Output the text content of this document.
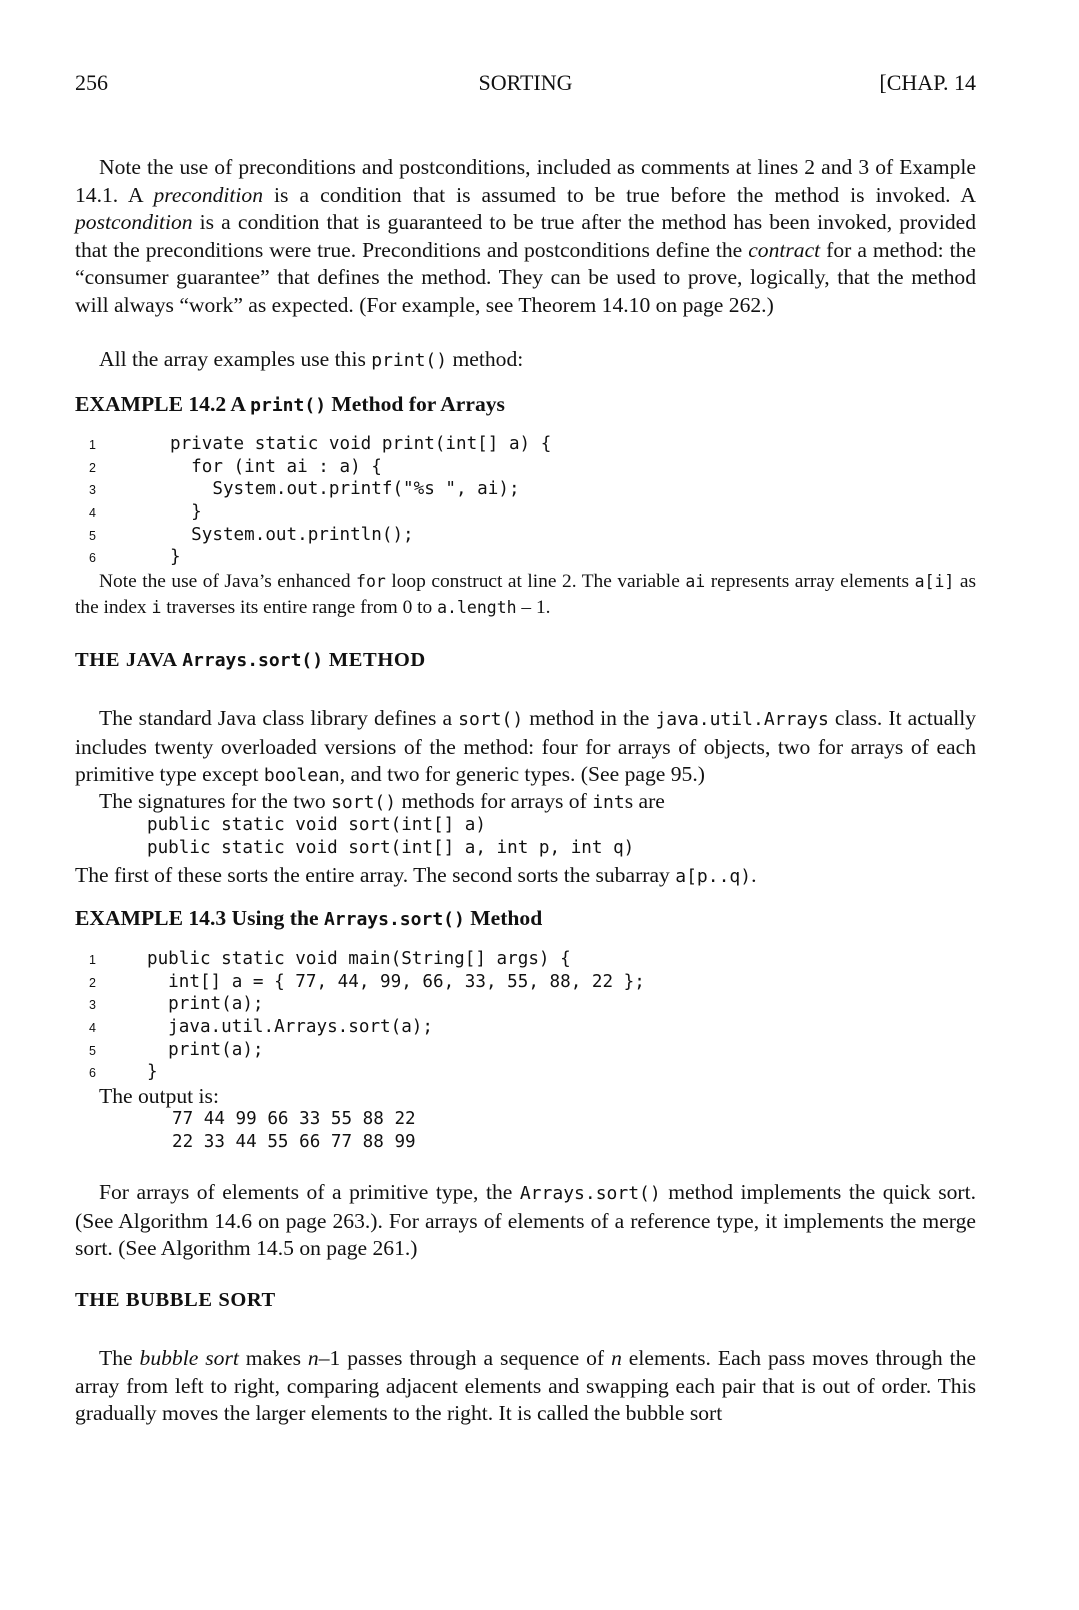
256	SORTING	[CHAP. 14
Note the use of preconditions and postconditions, included as comments at lines 2 and 3 of Example 14.1. A precondition is a condition that is assumed to be true before the method is invoked. A postcondition is a condition that is guaranteed to be true after the method has been invoked, provided that the preconditions were true. Preconditions and postconditions define the contract for a method: the “consumer guarantee” that defines the method. They can be used to prove, logically, that the method will always “work” as expected. (For example, see Theorem 14.10 on page 262.)
All the array examples use this print() method:
EXAMPLE 14.2 A print() Method for Arrays
1	private static void print(int[] a) {
2	for (int ai : a) {
3	System.out.printf("%s ", ai);
4	}
5	System.out.println();
6	}
Note the use of Java’s enhanced for loop construct at line 2. The variable ai represents array elements a[i] as the index i traverses its entire range from 0 to a.length – 1.
THE JAVA Arrays.sort() METHOD
The standard Java class library defines a sort() method in the java.util.Arrays class. It actually includes twenty overloaded versions of the method: four for arrays of objects, two for arrays of each primitive type except boolean, and two for generic types. (See page 95.)
The signatures for the two sort() methods for arrays of ints are
public static void sort(int[] a)
public static void sort(int[] a, int p, int q)
The first of these sorts the entire array. The second sorts the subarray a[p..q).
EXAMPLE 14.3 Using the Arrays.sort() Method
1	public static void main(String[] args) {
2	int[] a = { 77, 44, 99, 66, 33, 55, 88, 22 };
3	print(a);
4	java.util.Arrays.sort(a);
5	print(a);
6	}
The output is:
77 44 99 66 33 55 88 22
22 33 44 55 66 77 88 99
For arrays of elements of a primitive type, the Arrays.sort() method implements the quick sort. (See Algorithm 14.6 on page 263.). For arrays of elements of a reference type, it implements the merge sort. (See Algorithm 14.5 on page 261.)
THE BUBBLE SORT
The bubble sort makes n–1 passes through a sequence of n elements. Each pass moves through the array from left to right, comparing adjacent elements and swapping each pair that is out of order. This gradually moves the larger elements to the right. It is called the bubble sort
